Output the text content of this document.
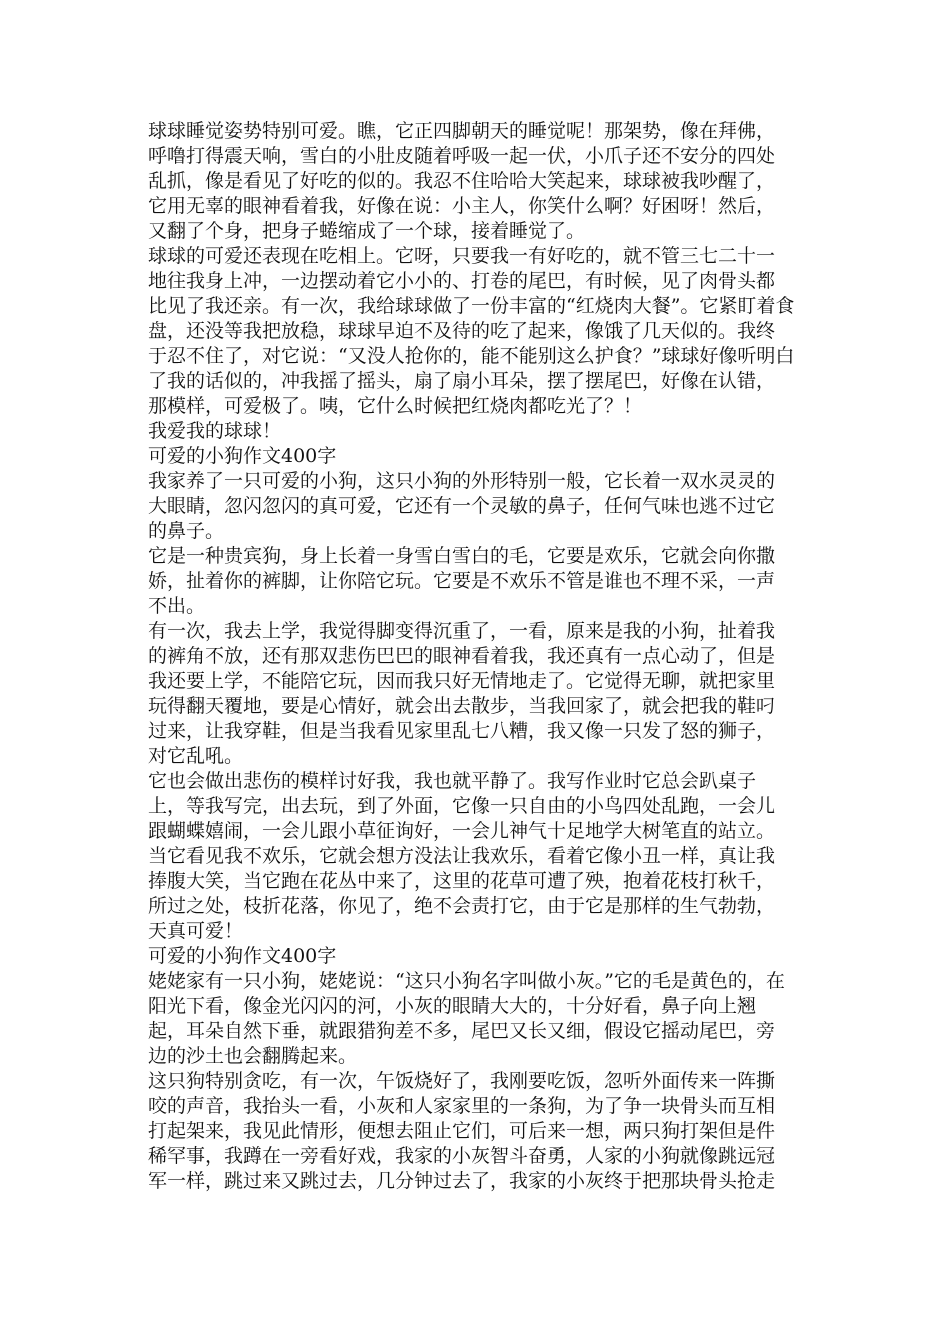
球球睡觉姿势特别可爱。瞧，它正四脚朝天的睡觉呢！那架势，像在拜佛，
呼噜打得震天响，雪白的小肚皮随着呼吸一起一伏，小爪子还不安分的四处
乱抓，像是看见了好吃的似的。我忍不住哈哈大笑起来，球球被我吵醒了，
它用无辜的眼神看着我，好像在说：小主人，你笑什么啊？好困呀！然后，
又翻了个身，把身子蜷缩成了一个球，接着睡觉了。

球球的可爱还表现在吃相上。它呀，只要我一有好吃的，就不管三七二十一
地往我身上冲，一边摆动着它小小的、打卷的尾巴，有时候，见了肉骨头都
比见了我还亲。有一次，我给球球做了一份丰富的“红烧肉大餐”。它紧盯着食
盘，还没等我把放稳，球球早迫不及待的吃了起来，像饿了几天似的。我终
于忍不住了，对它说：“又没人抢你的，能不能别这么护食？”球球好像听明白
了我的话似的，冲我摇了摇头，扇了扇小耳朵，摆了摆尾巴，好像在认错，
那模样，可爱极了。咦，它什么时候把红烧肉都吃光了？！

我爱我的球球！

可爱的小狗作文400字

我家养了一只可爱的小狗，这只小狗的外形特别一般，它长着一双水灵灵的
大眼睛，忽闪忽闪的真可爱，它还有一个灵敏的鼻子，任何气味也逃不过它
的鼻子。

它是一种贵宾狗，身上长着一身雪白雪白的毛，它要是欢乐，它就会向你撒
娇，扯着你的裤脚，让你陪它玩。它要是不欢乐不管是谁也不理不采，一声
不出。

有一次，我去上学，我觉得脚变得沉重了，一看，原来是我的小狗，扯着我
的裤角不放，还有那双悲伤巴巴的眼神看着我，我还真有一点心动了，但是
我还要上学，不能陪它玩，因而我只好无情地走了。它觉得无聊，就把家里
玩得翻天覆地，要是心情好，就会出去散步，当我回家了，就会把我的鞋叼
过来，让我穿鞋，但是当我看见家里乱七八糟，我又像一只发了怒的狮子，
对它乱吼。

它也会做出悲伤的模样讨好我，我也就平静了。我写作业时它总会趴桌子
上，等我写完，出去玩，到了外面，它像一只自由的小鸟四处乱跑，一会儿
跟蝴蝶嬉闹，一会儿跟小草征询好，一会儿神气十足地学大树笔直的站立。
当它看见我不欢乐，它就会想方没法让我欢乐，看着它像小丑一样，真让我
捧腹大笑，当它跑在花丛中来了，这里的花草可遭了殃，抱着花枝打秋千，
所过之处，枝折花落，你见了，绝不会责打它，由于它是那样的生气勃勃，
天真可爱！

可爱的小狗作文400字

姥姥家有一只小狗，姥姥说：“这只小狗名字叫做小灰。”它的毛是黄色的，在
阳光下看，像金光闪闪的河，小灰的眼睛大大的，十分好看，鼻子向上翘
起，耳朵自然下垂，就跟猎狗差不多，尾巴又长又细，假设它摇动尾巴，旁
边的沙土也会翻腾起来。

这只狗特别贪吃，有一次，午饭烧好了，我刚要吃饭，忽听外面传来一阵撕
咬的声音，我抬头一看，小灰和人家家里的一条狗，为了争一块骨头而互相
打起架来，我见此情形，便想去阻止它们，可后来一想，两只狗打架但是件
稀罕事，我蹲在一旁看好戏，我家的小灰智斗奋勇，人家的小狗就像跳远冠
军一样，跳过来又跳过去，几分钟过去了，我家的小灰终于把那块骨头抢走
